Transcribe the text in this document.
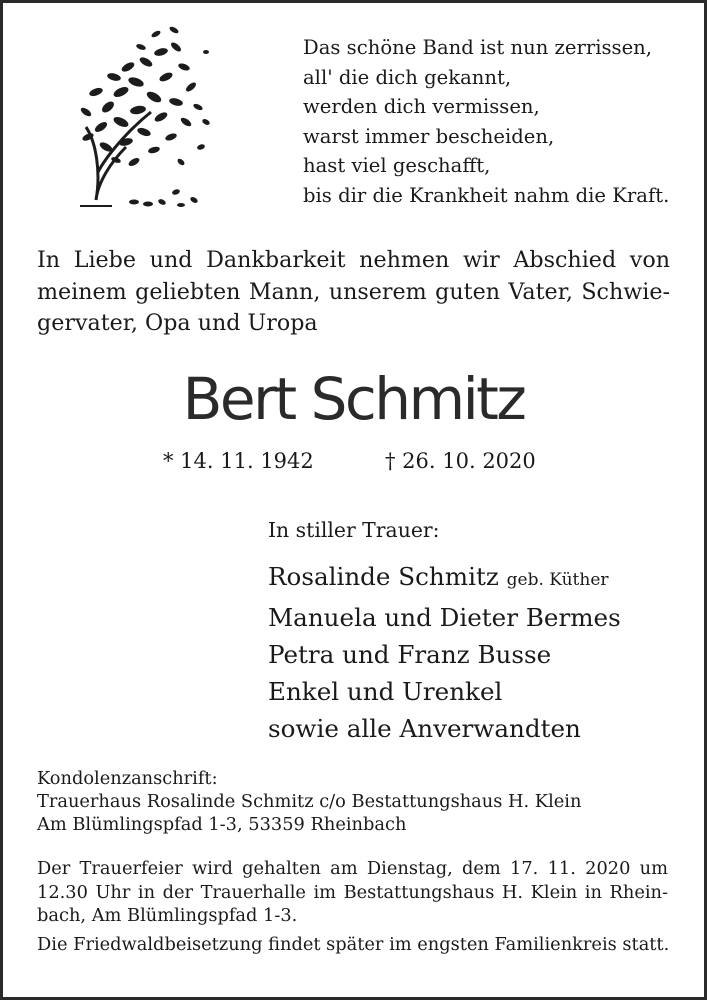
Das schöne Band ist nun zerrissen,
all' die dich gekannt,
werden dich vermissen,
warst immer bescheiden,
hast viel geschafft,
bis dir die Krankheit nahm die Kraft.
In Liebe und Dankbarkeit nehmen wir Abschied von
meinem geliebten Mann, unserem guten Vater, Schwie-
gervater, Opa und Uropa
Bert Schmitz
* 14. 11. 1942	† 26. 10. 2020
In stiller Trauer:
Rosalinde Schmitz geb. Küther
Manuela und Dieter Bermes
Petra und Franz Busse
Enkel und Urenkel
sowie alle Anverwandten
Kondolenzanschrift:
Trauerhaus Rosalinde Schmitz c/o Bestattungshaus H. Klein
Am Blümlingspfad 1-3, 53359 Rheinbach
Der Trauerfeier wird gehalten am Dienstag, dem 17. 11. 2020 um
12.30 Uhr in der Trauerhalle im Bestattungshaus H. Klein in Rhein-
bach, Am Blümlingspfad 1-3.
Die Friedwaldbeisetzung findet später im engsten Familienkreis statt.
